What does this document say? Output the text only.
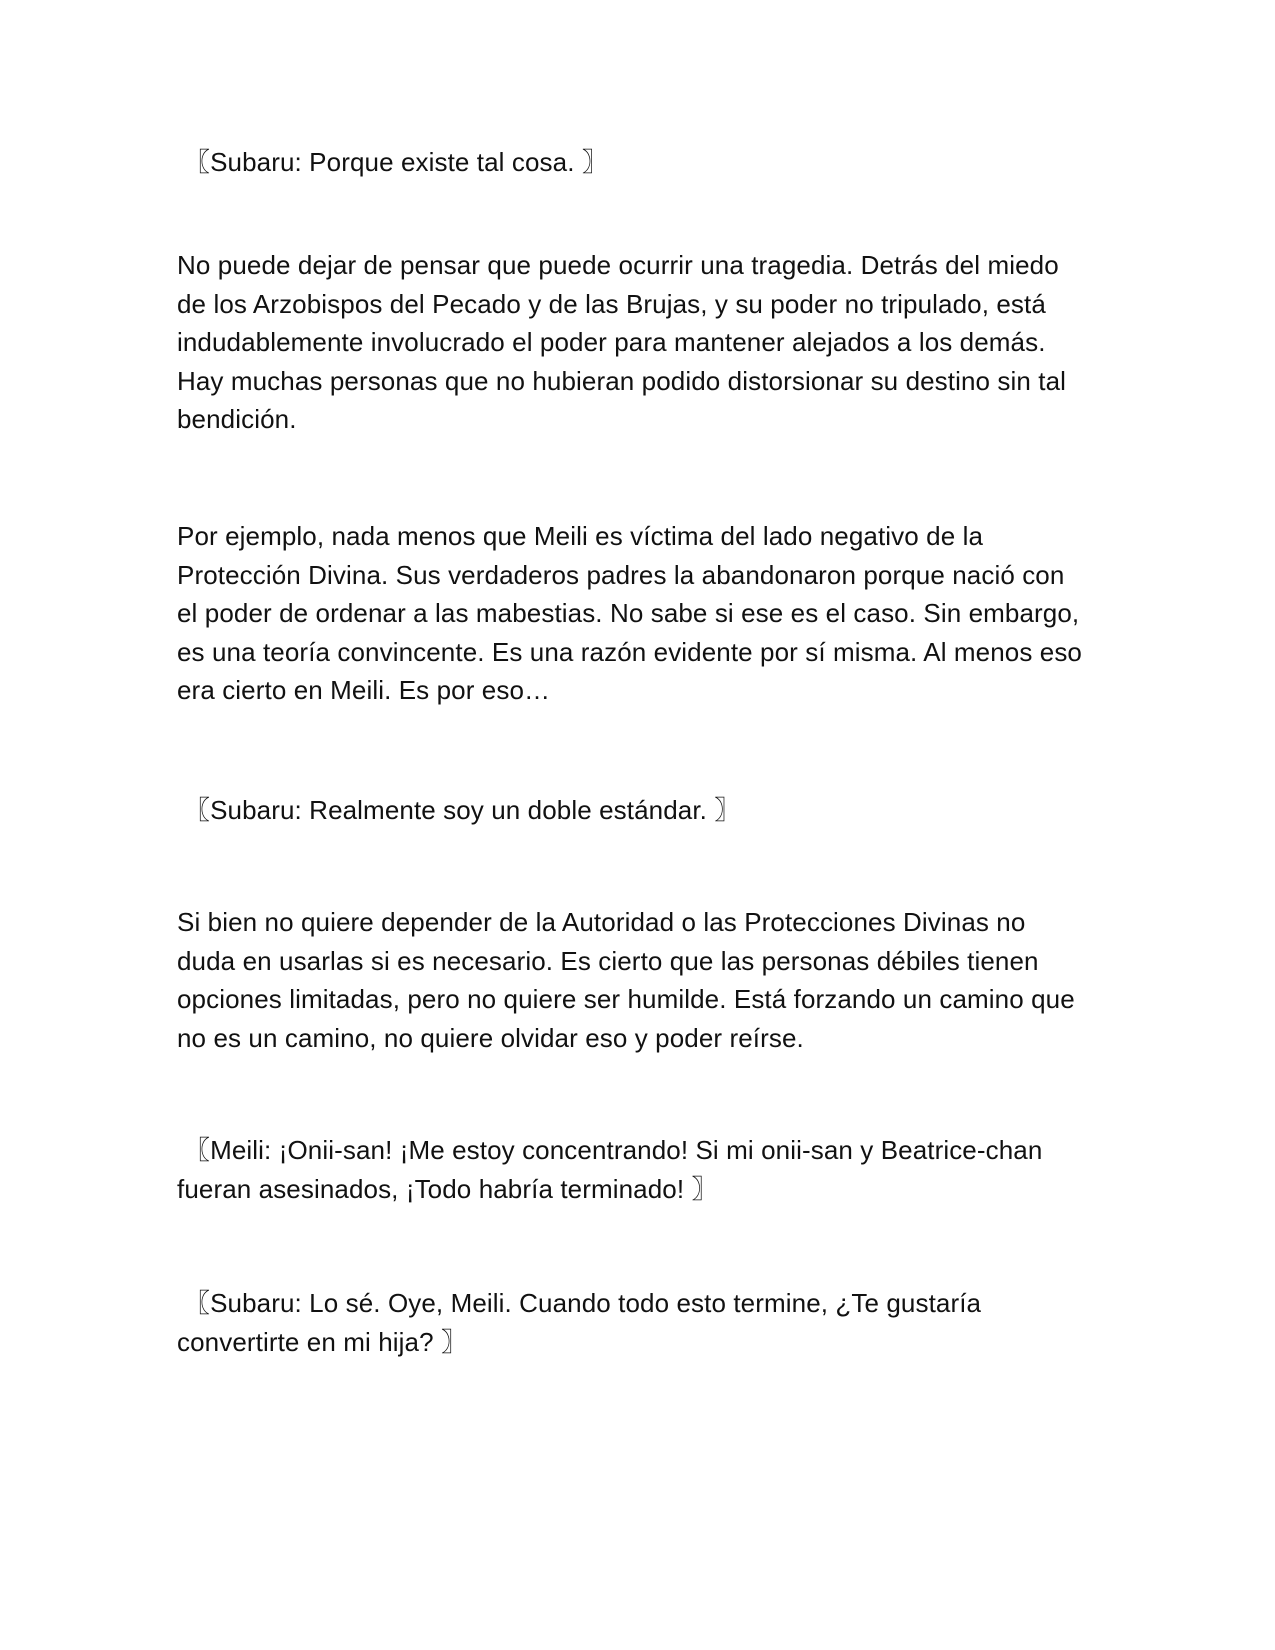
〖Subaru: Porque existe tal cosa. 〗

No puede dejar de pensar que puede ocurrir una tragedia. Detrás del miedo
de los Arzobispos del Pecado y de las Brujas, y su poder no tripulado, está
indudablemente involucrado el poder para mantener alejados a los demás.
Hay muchas personas que no hubieran podido distorsionar su destino sin tal
bendición.

Por ejemplo, nada menos que Meili es víctima del lado negativo de la
Protección Divina. Sus verdaderos padres la abandonaron porque nació con
el poder de ordenar a las mabestias. No sabe si ese es el caso. Sin embargo,
es una teoría convincente. Es una razón evidente por sí misma. Al menos eso
era cierto en Meili. Es por eso…

〖Subaru: Realmente soy un doble estándar. 〗

Si bien no quiere depender de la Autoridad o las Protecciones Divinas no
duda en usarlas si es necesario. Es cierto que las personas débiles tienen
opciones limitadas, pero no quiere ser humilde. Está forzando un camino que
no es un camino, no quiere olvidar eso y poder reírse.

〖Meili: ¡Onii-san! ¡Me estoy concentrando! Si mi onii-san y Beatrice-chan
fueran asesinados, ¡Todo habría terminado! 〗

〖Subaru: Lo sé. Oye, Meili. Cuando todo esto termine, ¿Te gustaría
convertirte en mi hija? 〗
